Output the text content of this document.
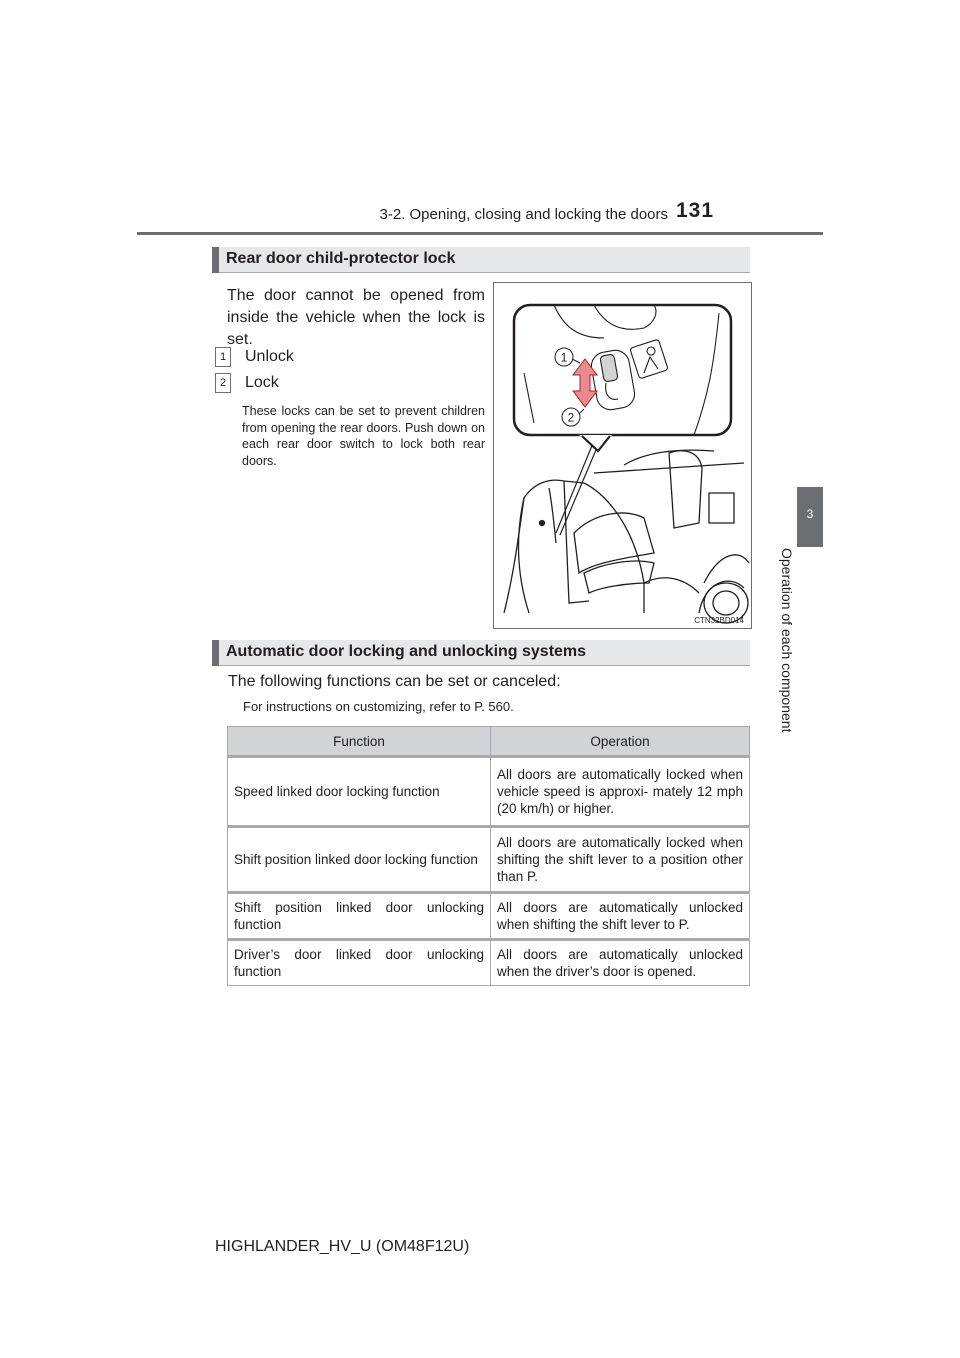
3-2. Opening, closing and locking the doors 131
3
Operation of each component
Rear door child-protector lock
The door cannot be opened from inside the vehicle when the lock is set.
1 Unlock
2 Lock
These locks can be set to prevent children from opening the rear doors. Push down on each rear door switch to lock both rear doors.
1
2
CTN32BD014
Automatic door locking and unlocking systems
The following functions can be set or canceled:
For instructions on customizing, refer to P. 560.
Function	Operation
Speed linked door locking function	All doors are automatically locked when vehicle speed is approxi- mately 12 mph (20 km/h) or higher.
Shift position linked door locking function	All doors are automatically locked when shifting the shift lever to a position other than P.
Shift position linked door unlocking function	All doors are automatically unlocked when shifting the shift lever to P.
Driver’s door linked door unlocking function	All doors are automatically unlocked when the driver’s door is opened.
HIGHLANDER_HV_U (OM48F12U)
